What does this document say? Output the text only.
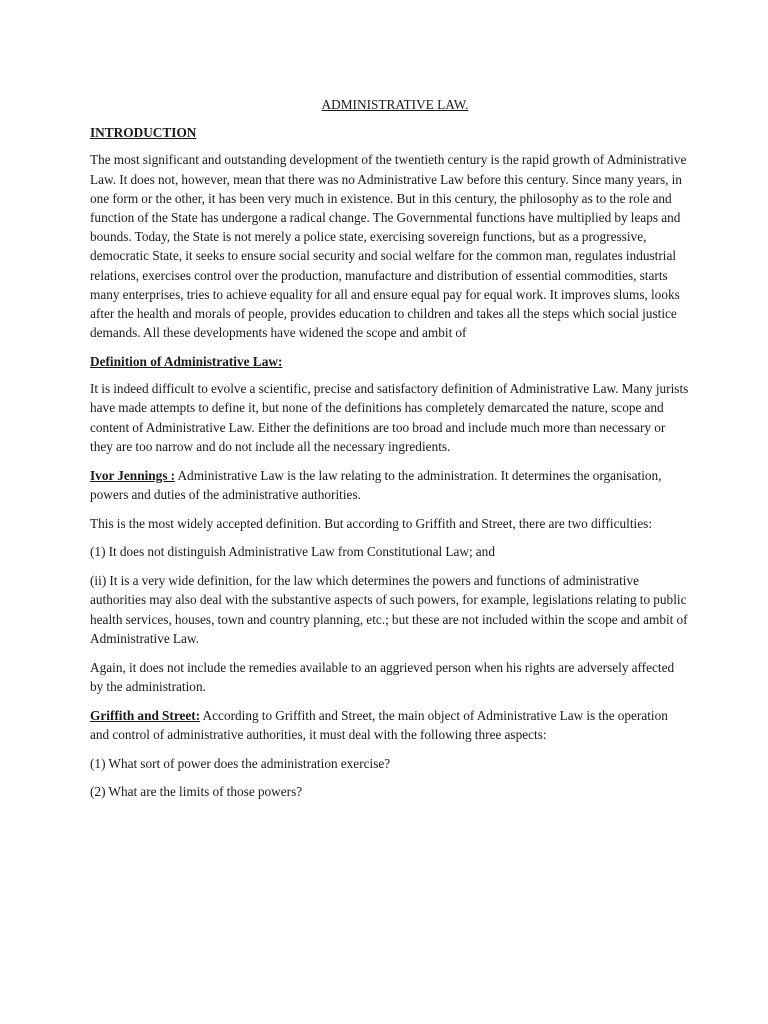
ADMINISTRATIVE LAW.
INTRODUCTION

The most significant and outstanding development of the twentieth century is the rapid growth of Administrative Law. It does not, however, mean that there was no Administrative Law before this century. Since many years, in one form or the other, it has been very much in existence. But in this century, the philosophy as to the role and function of the State has undergone a radical change. The Governmental functions have multiplied by leaps and bounds. Today, the State is not merely a police state, exercising sovereign functions, but as a progressive, democratic State, it seeks to ensure social security and social welfare for the common man, regulates industrial relations, exercises control over the production, manufacture and distribution of essential commodities, starts many enterprises, tries to achieve equality for all and ensure equal pay for equal work. It improves slums, looks after the health and morals of people, provides education to children and takes all the steps which social justice demands. All these developments have widened the scope and ambit of

Definition of Administrative Law:

It is indeed difficult to evolve a scientific, precise and satisfactory definition of Administrative Law. Many jurists have made attempts to define it, but none of the definitions has completely demarcated the nature, scope and content of Administrative Law. Either the definitions are too broad and include much more than necessary or they are too narrow and do not include all the necessary ingredients.

Ivor Jennings : Administrative Law is the law relating to the administration. It determines the organisation, powers and duties of the administrative authorities.

This is the most widely accepted definition. But according to Griffith and Street, there are two difficulties:

(1) It does not distinguish Administrative Law from Constitutional Law; and

(ii) It is a very wide definition, for the law which determines the powers and functions of administrative authorities may also deal with the substantive aspects of such powers, for example, legislations relating to public health services, houses, town and country planning, etc.; but these are not included within the scope and ambit of Administrative Law.

Again, it does not include the remedies available to an aggrieved person when his rights are adversely affected by the administration.

Griffith and Street: According to Griffith and Street, the main object of Administrative Law is the operation and control of administrative authorities, it must deal with the following three aspects:

(1) What sort of power does the administration exercise?

(2) What are the limits of those powers?
